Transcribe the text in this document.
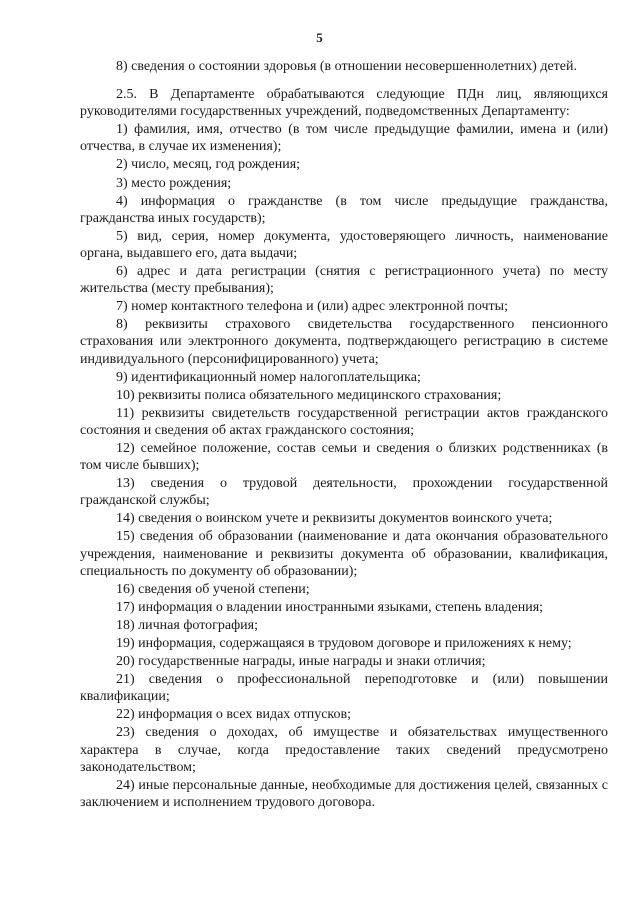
5

8) сведения о состоянии здоровья (в отношении несовершеннолетних) детей.

2.5. В Департаменте обрабатываются следующие ПДн лиц, являющихся руководителями государственных учреждений, подведомственных Департаменту:

1) фамилия, имя, отчество (в том числе предыдущие фамилии, имена и (или) отчества, в случае их изменения);

2) число, месяц, год рождения;

3) место рождения;

4) информация о гражданстве (в том числе предыдущие гражданства, гражданства иных государств);

5) вид, серия, номер документа, удостоверяющего личность, наименование органа, выдавшего его, дата выдачи;

6) адрес и дата регистрации (снятия с регистрационного учета) по месту жительства (месту пребывания);

7) номер контактного телефона и (или) адрес электронной почты;

8) реквизиты страхового свидетельства государственного пенсионного страхования или электронного документа, подтверждающего регистрацию в системе индивидуального (персонифицированного) учета;

9) идентификационный номер налогоплательщика;

10) реквизиты полиса обязательного медицинского страхования;

11) реквизиты свидетельств государственной регистрации актов гражданского состояния и сведения об актах гражданского состояния;

12) семейное положение, состав семьи и сведения о близких родственниках (в том числе бывших);

13) сведения о трудовой деятельности, прохождении государственной гражданской службы;

14) сведения о воинском учете и реквизиты документов воинского учета;

15) сведения об образовании (наименование и дата окончания образовательного учреждения, наименование и реквизиты документа об образовании, квалификация, специальность по документу об образовании);

16) сведения об ученой степени;

17) информация о владении иностранными языками, степень владения;

18) личная фотография;

19) информация, содержащаяся в трудовом договоре и приложениях к нему;

20) государственные награды, иные награды и знаки отличия;

21) сведения о профессиональной переподготовке и (или) повышении квалификации;

22) информация о всех видах отпусков;

23) сведения о доходах, об имуществе и обязательствах имущественного характера в случае, когда предоставление таких сведений предусмотрено законодательством;

24) иные персональные данные, необходимые для достижения целей, связанных с заключением и исполнением трудового договора.
